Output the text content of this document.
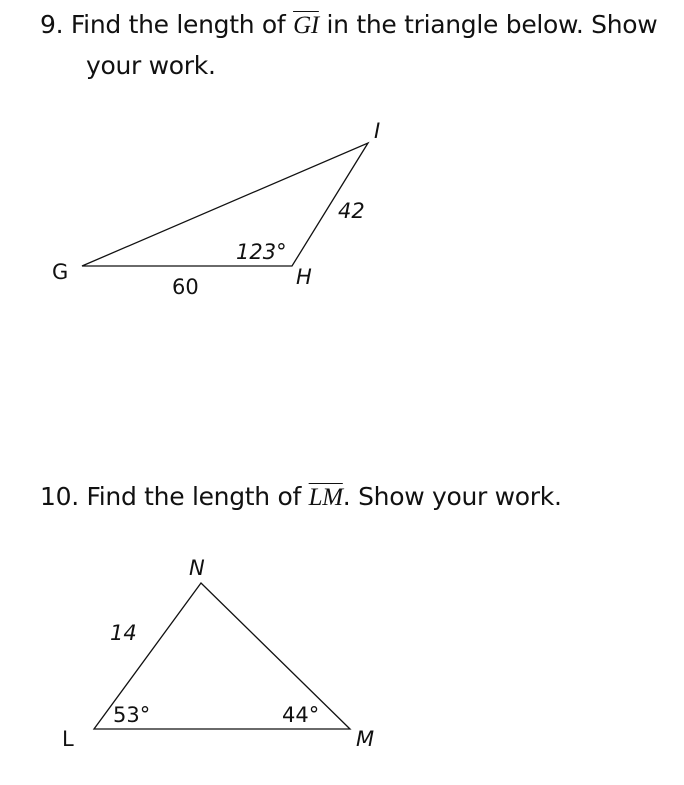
9. Find the length of $\overline{GI}$ in the triangle below. Show
your work.
10. Find the length of $\overline{LM}$. Show your work.
G	H
I
60
42
123°
L	M
N
14
53°	44°
